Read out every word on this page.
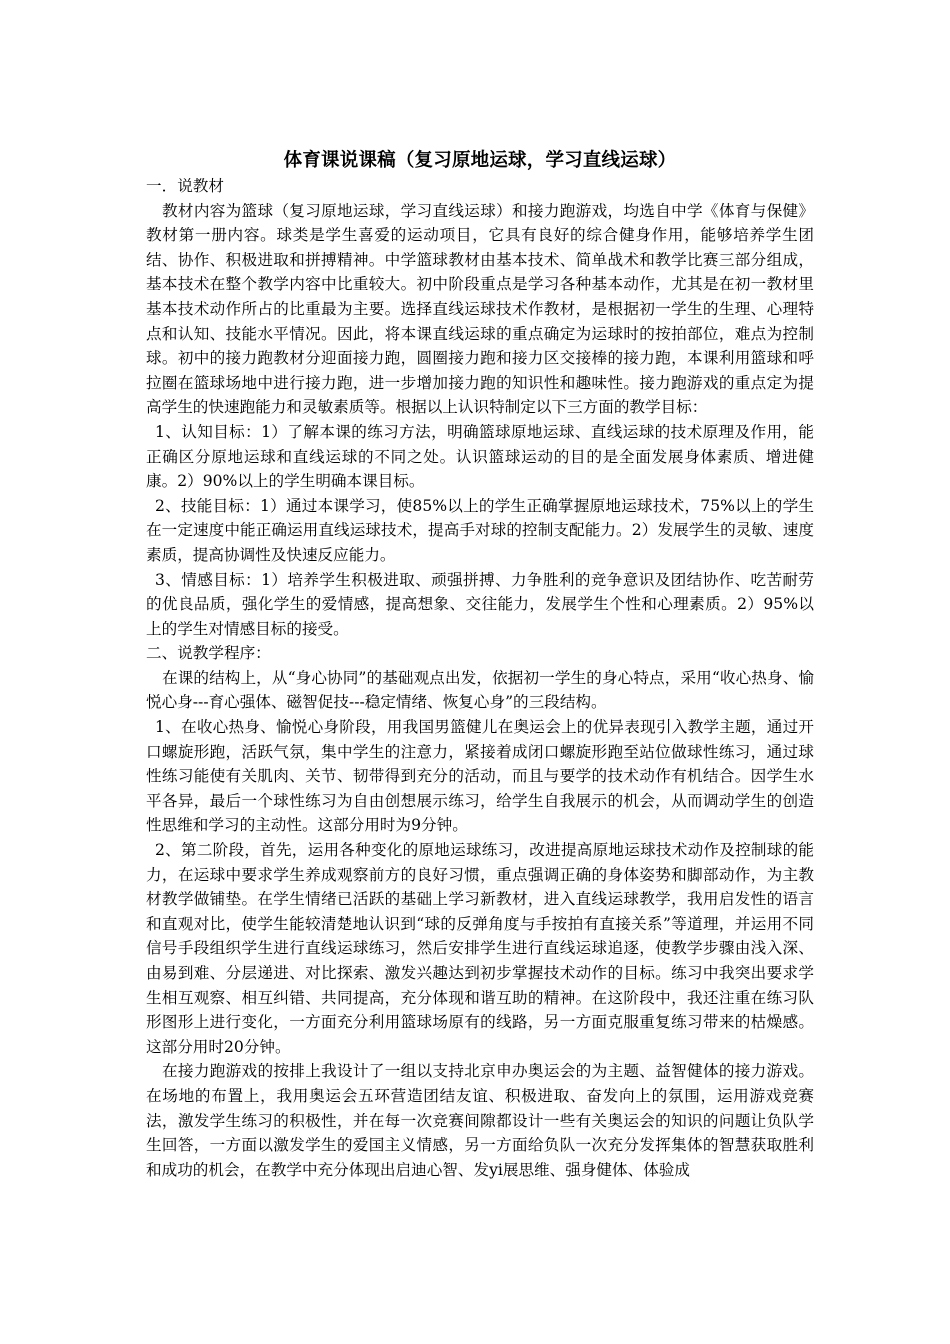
体育课说课稿（复习原地运球，学习直线运球）

一．说教材

教材内容为篮球（复习原地运球，学习直线运球）和接力跑游戏，均选自中学《体育与保健》教材第一册内容。球类是学生喜爱的运动项目，它具有良好的综合健身作用，能够培养学生团结、协作、积极进取和拼搏精神。中学篮球教材由基本技术、简单战术和教学比赛三部分组成，基本技术在整个教学内容中比重较大。初中阶段重点是学习各种基本动作，尤其是在初一教材里基本技术动作所占的比重最为主要。选择直线运球技术作教材，是根据初一学生的生理、心理特点和认知、技能水平情况。因此，将本课直线运球的重点确定为运球时的按拍部位，难点为控制球。初中的接力跑教材分迎面接力跑，圆圈接力跑和接力区交接棒的接力跑，本课利用篮球和呼拉圈在篮球场地中进行接力跑，进一步增加接力跑的知识性和趣味性。接力跑游戏的重点定为提高学生的快速跑能力和灵敏素质等。根据以上认识特制定以下三方面的教学目标：

1、认知目标：1）了解本课的练习方法，明确篮球原地运球、直线运球的技术原理及作用，能正确区分原地运球和直线运球的不同之处。认识篮球运动的目的是全面发展身体素质、增进健康。2）90%以上的学生明确本课目标。

2、技能目标：1）通过本课学习，使85%以上的学生正确掌握原地运球技术，75%以上的学生在一定速度中能正确运用直线运球技术，提高手对球的控制支配能力。2）发展学生的灵敏、速度素质，提高协调性及快速反应能力。

3、情感目标：1）培养学生积极进取、顽强拼搏、力争胜利的竞争意识及团结协作、吃苦耐劳的优良品质，强化学生的爱情感，提高想象、交往能力，发展学生个性和心理素质。2）95%以上的学生对情感目标的接受。

二、说教学程序：

在课的结构上，从“身心协同”的基础观点出发，依据初一学生的身心特点，采用“收心热身、愉悦心身---育心强体、磁智促技---稳定情绪、恢复心身”的三段结构。

1、在收心热身、愉悦心身阶段，用我国男篮健儿在奥运会上的优异表现引入教学主题，通过开口螺旋形跑，活跃气氛，集中学生的注意力，紧接着成闭口螺旋形跑至站位做球性练习，通过球性练习能使有关肌肉、关节、韧带得到充分的活动，而且与要学的技术动作有机结合。因学生水平各异，最后一个球性练习为自由创想展示练习，给学生自我展示的机会，从而调动学生的创造性思维和学习的主动性。这部分用时为9分钟。

2、第二阶段，首先，运用各种变化的原地运球练习，改进提高原地运球技术动作及控制球的能力，在运球中要求学生养成观察前方的良好习惯，重点强调正确的身体姿势和脚部动作，为主教材教学做铺垫。在学生情绪已活跃的基础上学习新教材，进入直线运球教学，我用启发性的语言和直观对比，使学生能较清楚地认识到“球的反弹角度与手按拍有直接关系”等道理，并运用不同信号手段组织学生进行直线运球练习，然后安排学生进行直线运球追逐，使教学步骤由浅入深、由易到难、分层递进、对比探索、激发兴趣达到初步掌握技术动作的目标。练习中我突出要求学生相互观察、相互纠错、共同提高，充分体现和谐互助的精神。在这阶段中，我还注重在练习队形图形上进行变化，一方面充分利用篮球场原有的线路，另一方面克服重复练习带来的枯燥感。这部分用时20分钟。

在接力跑游戏的按排上我设计了一组以支持北京申办奥运会的为主题、益智健体的接力游戏。在场地的布置上，我用奥运会五环营造团结友谊、积极进取、奋发向上的氛围，运用游戏竞赛法，激发学生练习的积极性，并在每一次竞赛间隙都设计一些有关奥运会的知识的问题让负队学生回答，一方面以激发学生的爱国主义情感，另一方面给负队一次充分发挥集体的智慧获取胜利和成功的机会，在教学中充分体现出启迪心智、发yi展思维、强身健体、体验成
